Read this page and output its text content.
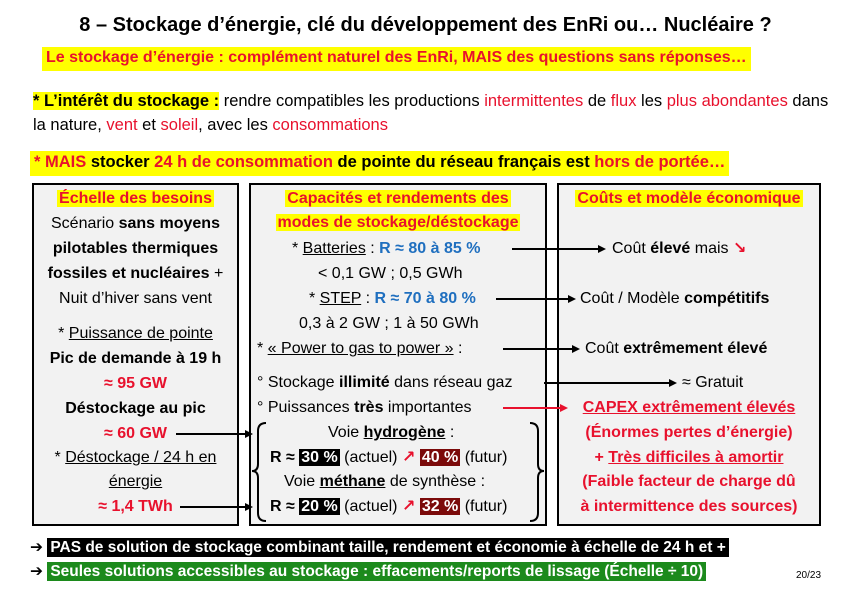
8 – Stockage d’énergie, clé du développement des EnRi ou… Nucléaire ?
Le stockage d’énergie : complément naturel des EnRi, MAIS des questions sans réponses…
* L’intérêt du stockage : rendre compatibles les productions intermittentes de flux les plus abondantes dans la nature, vent et soleil, avec les consommations
* MAIS stocker 24 h de consommation de pointe du réseau français est hors de portée…
Échelle des besoins
Scénario sans moyens
pilotables thermiques
fossiles et nucléaires +
Nuit d’hiver sans vent
* Puissance de pointe
Pic de demande à 19 h
≈ 95 GW
Déstockage au pic
≈ 60 GW
* Déstockage / 24 h en
énergie
≈ 1,4 TWh
Capacités et rendements des
modes de stockage/déstockage
* Batteries : R ≈ 80 à 85 %
< 0,1 GW ; 0,5 GWh
* STEP : R ≈ 70 à 80 %
0,3 à 2 GW ; 1 à 50 GWh
* « Power to gas to power » :
° Stockage illimité dans réseau gaz
° Puissances très importantes
Voie hydrogène :
R ≈ 30 % (actuel) ↗ 40 % (futur)
Voie méthane de synthèse :
R ≈ 20 % (actuel) ↗ 32 % (futur)
Coûts et modèle économique
Coût élevé mais ↘
Coût / Modèle compétitifs
Coût extrêmement élevé
≈ Gratuit
CAPEX extrêmement élevés
(Énormes pertes d’énergie)
+ Très difficiles à amortir
(Faible facteur de charge dû
à intermittence des sources)
➔ PAS de solution de stockage combinant taille, rendement et économie à échelle de 24 h et +
➔ Seules solutions accessibles au stockage : effacements/reports de lissage (Échelle ÷ 10)	20/23
